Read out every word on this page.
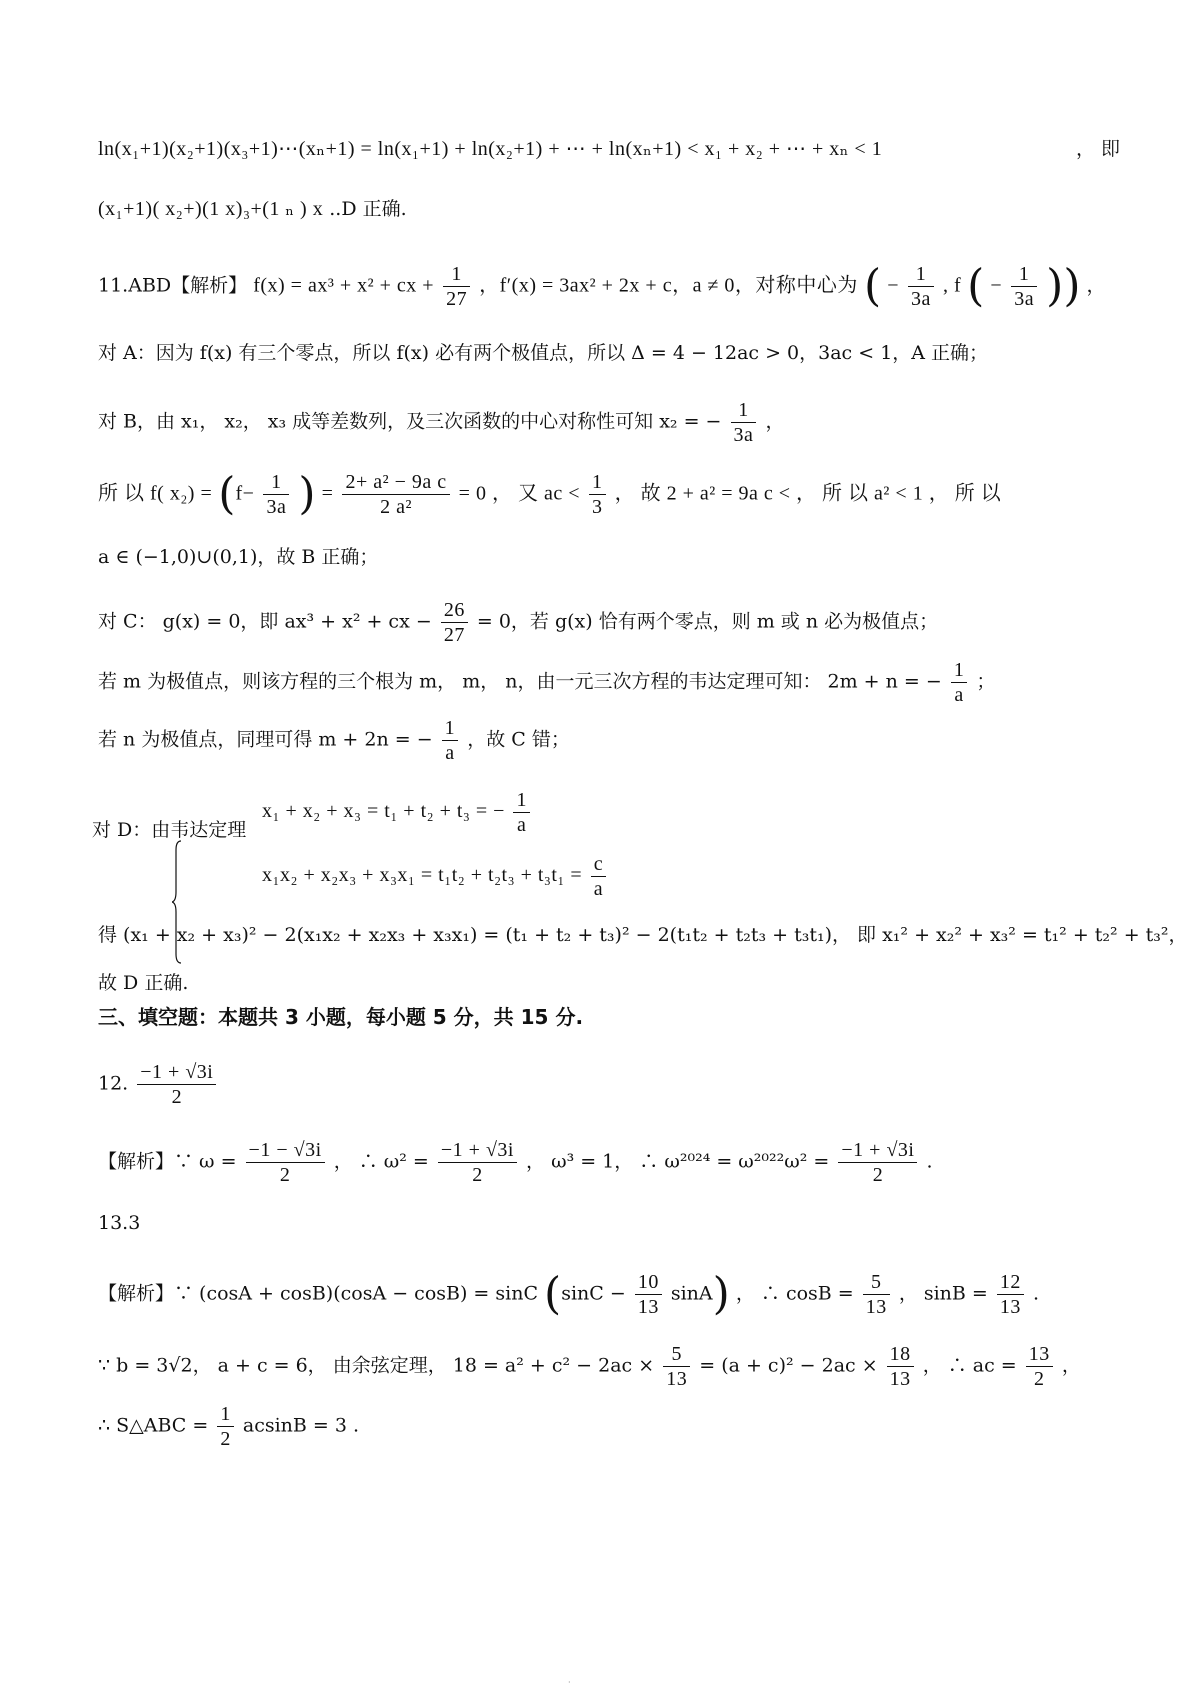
ln(x₁+1)(x₂+1)(x₃+1)⋯(xₙ+1) = ln(x₁+1) + ln(x₂+1) + ⋯ + ln(xₙ+1) < x₁ + x₂ + ⋯ + xₙ < 1	， 即
(x₁+1)( x₂+)(1 x)₃+(1 ₙ ) x ..D 正确.
11.ABD【解析】 f(x) = ax³ + x² + cx + $\frac{1}{27}$ ，f′(x) = 3ax² + 2x + c，a ≠ 0，对称中心为 ( − $\frac{1}{3a}$ , f ( − $\frac{1}{3a}$ )) ，
对 A：因为 f(x) 有三个零点，所以 f(x) 必有两个极值点，所以 Δ = 4 − 12ac > 0，3ac < 1，A 正确；
对 B，由 x₁， x₂， x₃ 成等差数列，及三次函数的中心对称性可知 x₂ = − $\frac{1}{3a}$ ，
所 以 f( $x_2) = (f- \frac{1}{3a}$ ) = $\frac{\text{2+ a² − 9a c}}{\text{2 a²}} = 0$ ， 又 ac < $\frac{1}{3}$ ， 故 2 + a² = 9a c < ， 所 以 a² < 1 ， 所 以
a ∈ (−1,0)∪(0,1)，故 B 正确；
对 C： g(x) = 0，即 ax³ + x² + cx − $\frac{26}{27} = 0$，若 g(x) 恰有两个零点，则 m 或 n 必为极值点；
若 m 为极值点，则该方程的三个根为 m， m， n，由一元三次方程的韦达定理可知： 2m + n = − $\frac{1}{a}$ ；
若 n 为极值点，同理可得 m + 2n = − $\frac{1}{a}$ ，故 C 错；
对 D：由韦达定理
x₁ + x₂ + x₃ = t₁ + t₂ + t₃ = − $\frac{1}{a}$
$x_1x_2 + x_2x_3 + x_3x_1 = t_1t_2 + t_2t_3 + t_3t_1 = \frac{c}{a}$
得 (x₁ + x₂ + x₃)² − 2(x₁x₂ + x₂x₃ + x₃x₁) = (t₁ + t₂ + t₃)² − 2(t₁t₂ + t₂t₃ + t₃t₁)， 即 x₁² + x₂² + x₃² = t₁² + t₂² + t₃²，
故 D 正确.
三、填空题：本题共 3 小题，每小题 5 分，共 15 分.
12. $\frac{-1 + √3i}{2}$
【解析】∵ $\omega = \frac{-1 - √3i}{2}$ ， ∴ $\omega^2 = \frac{-1 + √3i}{2}$ ， ω³ = 1， ∴ $\omega^{2024} = \omega^{2022}\omega^2 = \frac{-1 + √3i}{2}$ .
13.3
【解析】∵ (cosA + cosB)(cosA − cosB) = sinC $(\sin C - \frac{10}{13} \sin A)$ ， ∴ $\cos B = \frac{5}{13}$ ， $\sin B = \frac{12}{13}$ .
∵ b = 3√2， a + c = 6， 由余弦定理， $18 = a^2 + c^2 - 2ac \times \frac{5}{13} = (a + c)^2 - 2ac \times \frac{18}{13}$ ， ∴ ac = $\frac{13}{2}$ ，
∴ S△ABC = $\frac{1}{2}$ acsinB = 3 .
·
